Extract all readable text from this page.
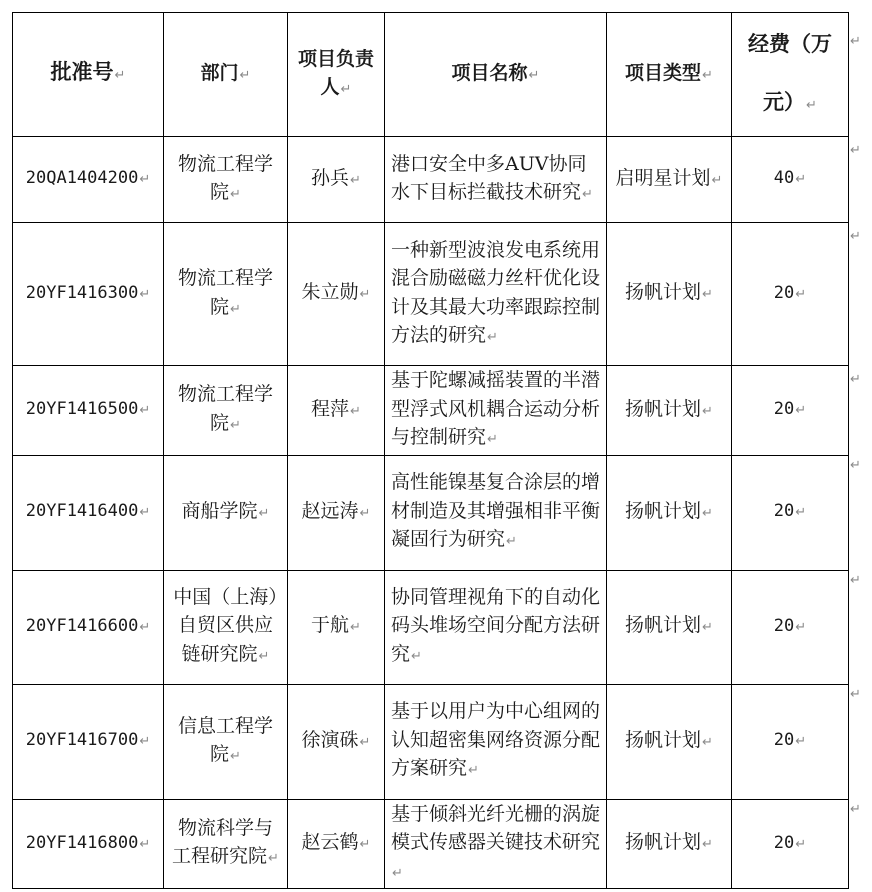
批准号↵	部门↵	项目负责人↵	项目名称↵	项目类型↵	经费（万元）↵
20QA1404200↵	物流工程学院↵	孙兵↵	港口安全中多AUV协同水下目标拦截技术研究↵	启明星计划↵	40↵
20YF1416300↵	物流工程学院↵	朱立勋↵	一种新型波浪发电系统用混合励磁磁力丝杆优化设计及其最大功率跟踪控制方法的研究↵	扬帆计划↵	20↵
20YF1416500↵	物流工程学院↵	程萍↵	基于陀螺减摇装置的半潜型浮式风机耦合运动分析与控制研究↵	扬帆计划↵	20↵
20YF1416400↵	商船学院↵	赵远涛↵	高性能镍基复合涂层的增材制造及其增强相非平衡凝固行为研究↵	扬帆计划↵	20↵
20YF1416600↵	中国（上海）自贸区供应链研究院↵	于航↵	协同管理视角下的自动化码头堆场空间分配方法研究↵	扬帆计划↵	20↵
20YF1416700↵	信息工程学院↵	徐演硃↵	基于以用户为中心组网的认知超密集网络资源分配方案研究↵	扬帆计划↵	20↵
20YF1416800↵	物流科学与工程研究院↵	赵云鹤↵	基于倾斜光纤光栅的涡旋模式传感器关键技术研究↵	扬帆计划↵	20↵
↵
↵
↵
↵
↵
↵
↵
↵
